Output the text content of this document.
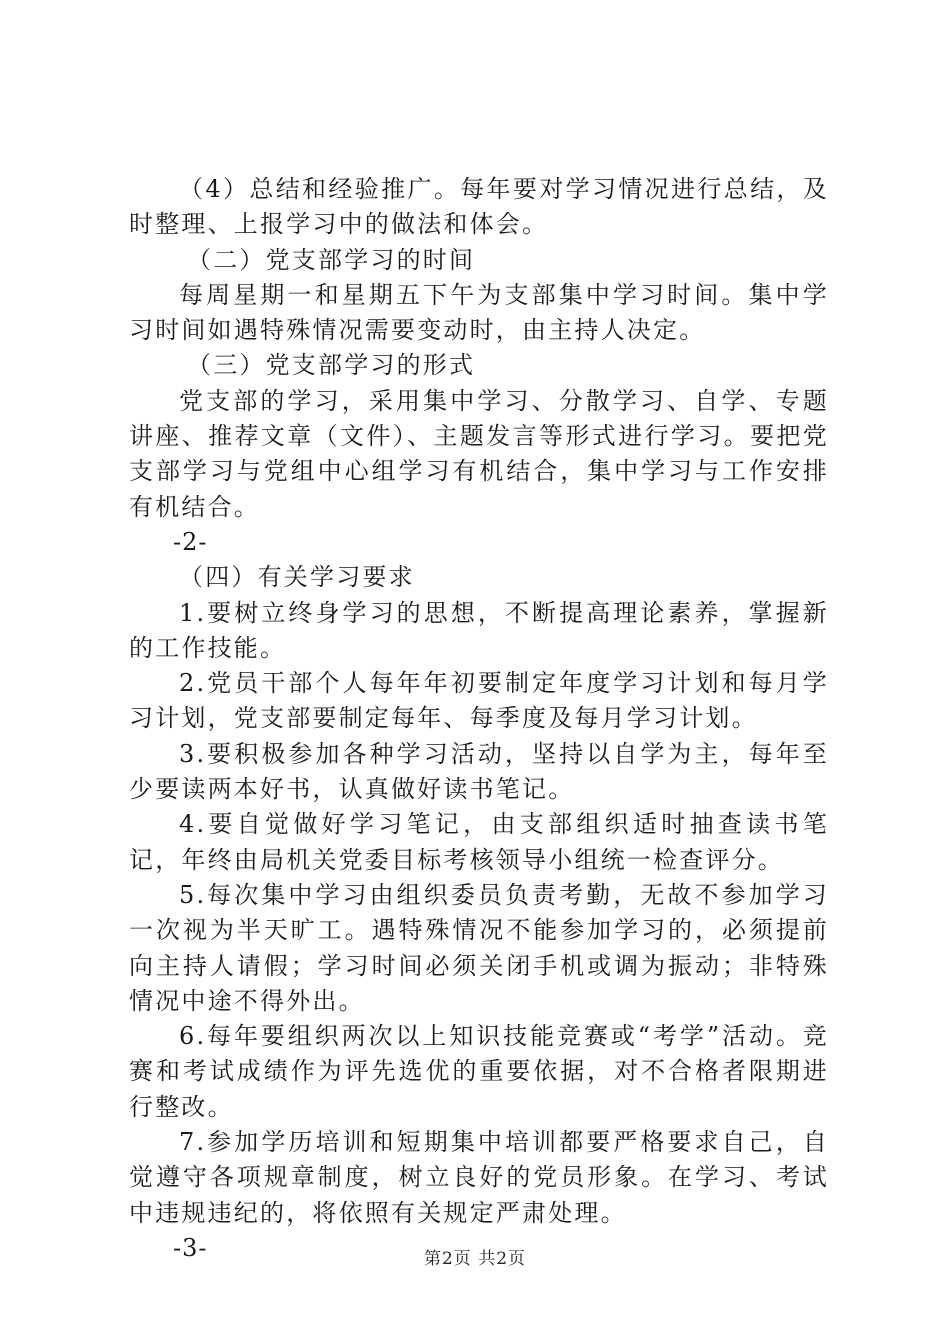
（4）总结和经验推广。每年要对学习情况进行总结，及时整理、上报学习中的做法和体会。

（二）党支部学习的时间

每周星期一和星期五下午为支部集中学习时间。集中学习时间如遇特殊情况需要变动时，由主持人决定。

（三）党支部学习的形式

党支部的学习，采用集中学习、分散学习、自学、专题讲座、推荐文章（文件）、主题发言等形式进行学习。要把党支部学习与党组中心组学习有机结合，集中学习与工作安排有机结合。

-2-

（四）有关学习要求

1.要树立终身学习的思想，不断提高理论素养，掌握新的工作技能。

2.党员干部个人每年年初要制定年度学习计划和每月学习计划，党支部要制定每年、每季度及每月学习计划。

3.要积极参加各种学习活动，坚持以自学为主，每年至少要读两本好书，认真做好读书笔记。

4.要自觉做好学习笔记，由支部组织适时抽查读书笔记，年终由局机关党委目标考核领导小组统一检查评分。

5.每次集中学习由组织委员负责考勤，无故不参加学习一次视为半天旷工。遇特殊情况不能参加学习的，必须提前向主持人请假；学习时间必须关闭手机或调为振动；非特殊情况中途不得外出。

6.每年要组织两次以上知识技能竞赛或“考学”活动。竞赛和考试成绩作为评先选优的重要依据，对不合格者限期进行整改。

7.参加学历培训和短期集中培训都要严格要求自己，自觉遵守各项规章制度，树立良好的党员形象。在学习、考试中违规违纪的，将依照有关规定严肃处理。

-3-	第2页 共2页
